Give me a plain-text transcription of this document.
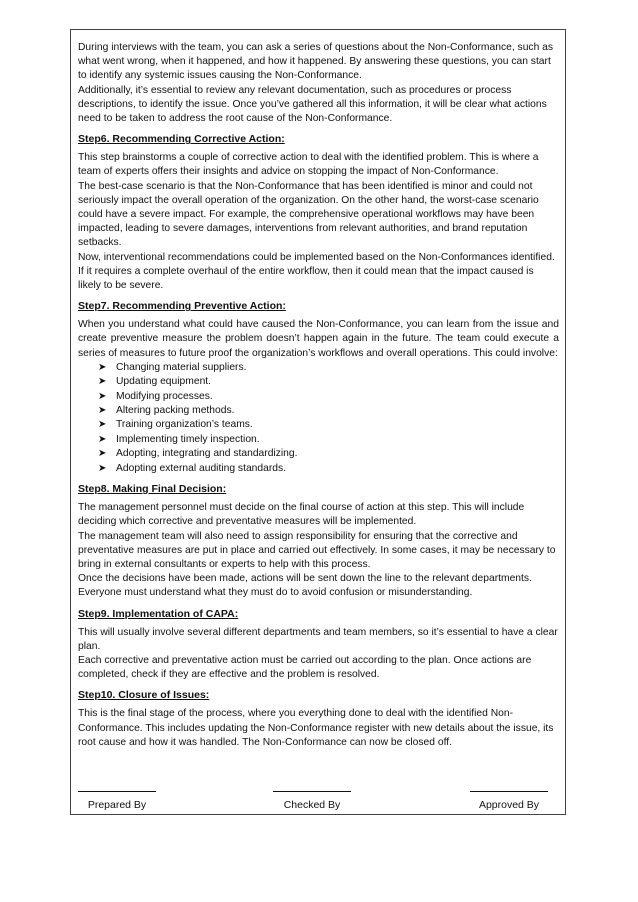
During interviews with the team, you can ask a series of questions about the Non-Conformance, such as what went wrong, when it happened, and how it happened. By answering these questions, you can start to identify any systemic issues causing the Non-Conformance.

Additionally, it’s essential to review any relevant documentation, such as procedures or process descriptions, to identify the issue. Once you’ve gathered all this information, it will be clear what actions need to be taken to address the root cause of the Non-Conformance.

Step6. Recommending Corrective Action:

This step brainstorms a couple of corrective action to deal with the identified problem. This is where a team of experts offers their insights and advice on stopping the impact of Non-Conformance.

The best-case scenario is that the Non-Conformance that has been identified is minor and could not seriously impact the overall operation of the organization. On the other hand, the worst-case scenario could have a severe impact. For example, the comprehensive operational workflows may have been impacted, leading to severe damages, interventions from relevant authorities, and brand reputation setbacks.

Now, interventional recommendations could be implemented based on the Non-Conformances identified. If it requires a complete overhaul of the entire workflow, then it could mean that the impact caused is likely to be severe.

Step7. Recommending Preventive Action:

When you understand what could have caused the Non-Conformance, you can learn from the issue and create preventive measure the problem doesn’t happen again in the future. The team could execute a series of measures to future proof the organization’s workflows and overall operations. This could involve:

➤ Changing material suppliers.
➤ Updating equipment.
➤ Modifying processes.
➤ Altering packing methods.
➤ Training organization’s teams.
➤ Implementing timely inspection.
➤ Adopting, integrating and standardizing.
➤ Adopting external auditing standards.
Step8. Making Final Decision:

The management personnel must decide on the final course of action at this step. This will include deciding which corrective and preventative measures will be implemented.

The management team will also need to assign responsibility for ensuring that the corrective and preventative measures are put in place and carried out effectively. In some cases, it may be necessary to bring in external consultants or experts to help with this process.

Once the decisions have been made, actions will be sent down the line to the relevant departments. Everyone must understand what they must do to avoid confusion or misunderstanding.

Step9. Implementation of CAPA:

This will usually involve several different departments and team members, so it’s essential to have a clear plan.

Each corrective and preventative action must be carried out according to the plan. Once actions are completed, check if they are effective and the problem is resolved.

Step10. Closure of Issues:

This is the final stage of the process, where you everything done to deal with the identified Non-Conformance. This includes updating the Non-Conformance register with new details about the issue, its root cause and how it was handled. The Non-Conformance can now be closed off.

Prepared By	Checked By	Approved By
